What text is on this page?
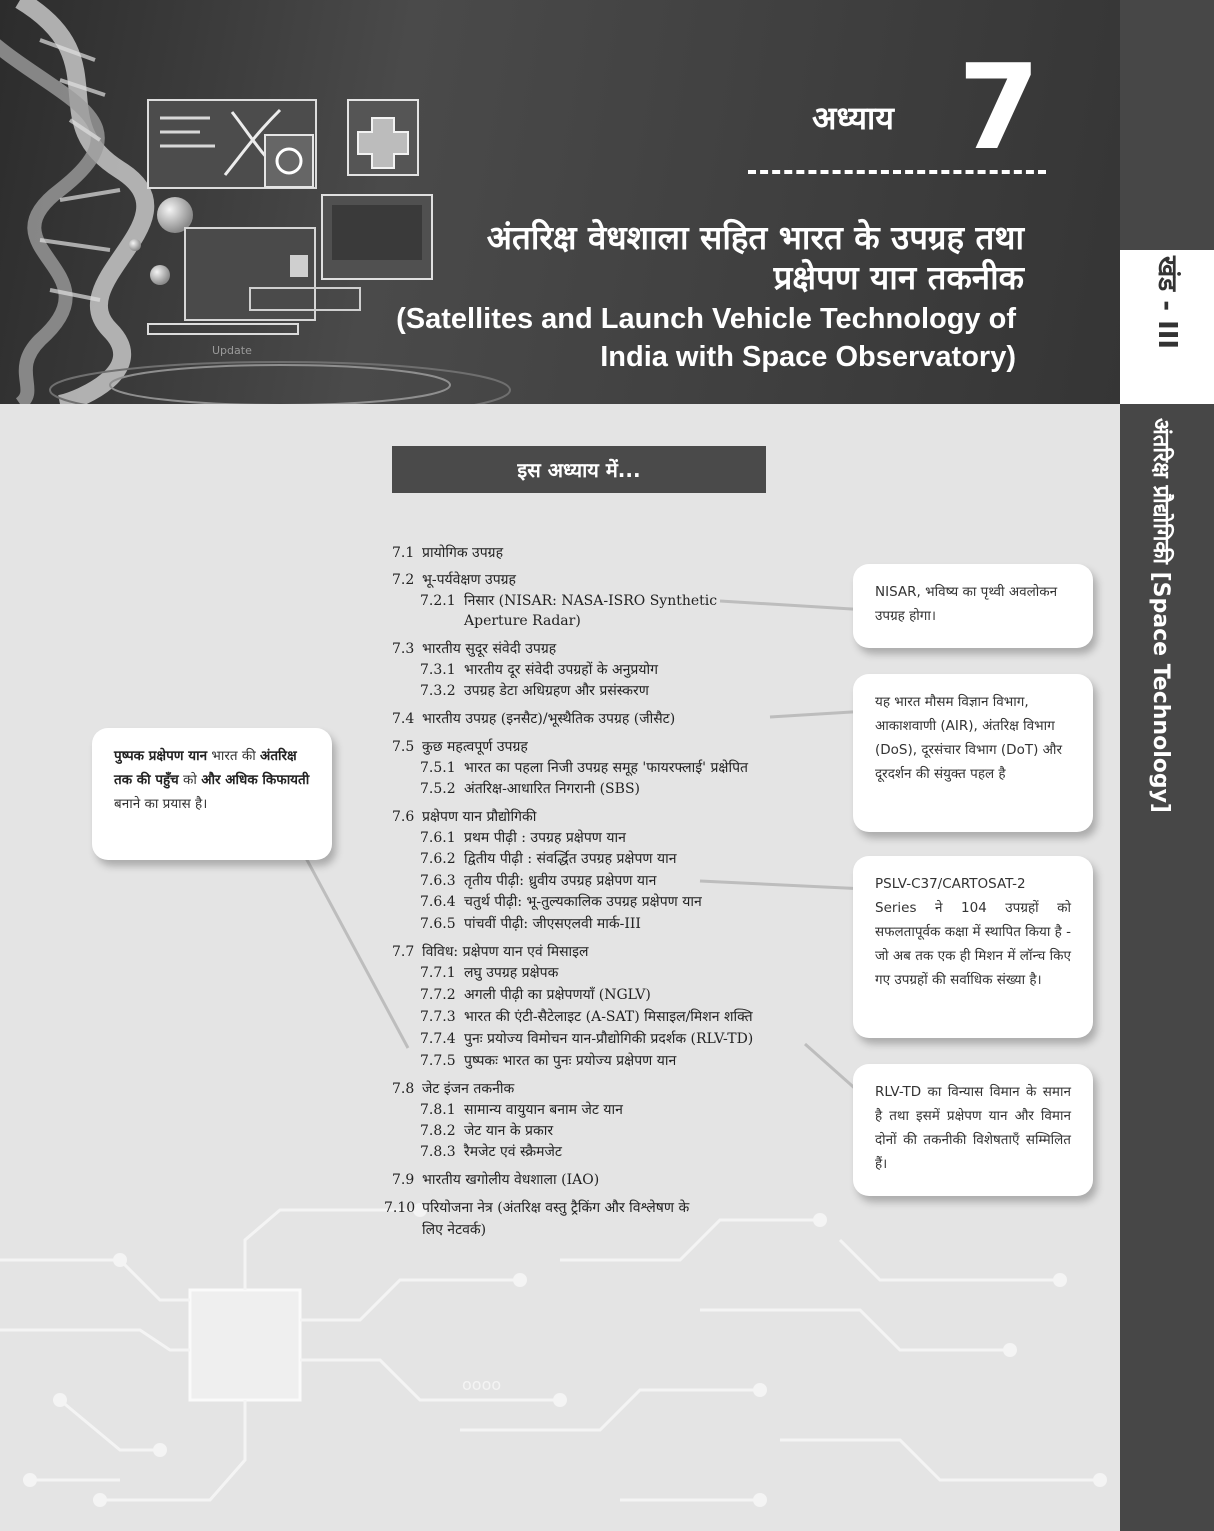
Update
अध्याय 7
अंतरिक्ष वेधशाला सहित भारत के उपग्रह तथा
प्रक्षेपण यान तकनीक
(Satellites and Launch Vehicle Technology of
India with Space Observatory)
खंड - III
अंतरिक्ष प्रौद्योगिकी [Space Technology]
oooo
इस अध्याय में...
7.1 प्रायोगिक उपग्रह
7.2 भू-पर्यवेक्षण उपग्रह
7.2.1 निसार (NISAR: NASA-ISRO Synthetic
Aperture Radar)
7.3 भारतीय सुदूर संवेदी उपग्रह
7.3.1 भारतीय दूर संवेदी उपग्रहों के अनुप्रयोग
7.3.2 उपग्रह डेटा अधिग्रहण और प्रसंस्करण
7.4 भारतीय उपग्रह (इनसैट)/भूस्थैतिक उपग्रह (जीसैट)
7.5 कुछ महत्वपूर्ण उपग्रह
7.5.1 भारत का पहला निजी उपग्रह समूह 'फायरफ्लाई' प्रक्षेपित
7.5.2 अंतरिक्ष-आधारित निगरानी (SBS)
7.6 प्रक्षेपण यान प्रौद्योगिकी
7.6.1 प्रथम पीढ़ी : उपग्रह प्रक्षेपण यान
7.6.2 द्वितीय पीढ़ी : संवर्द्धित उपग्रह प्रक्षेपण यान
7.6.3 तृतीय पीढ़ी: ध्रुवीय उपग्रह प्रक्षेपण यान
7.6.4 चतुर्थ पीढ़ी: भू-तुल्यकालिक उपग्रह प्रक्षेपण यान
7.6.5 पांचवीं पीढ़ी: जीएसएलवी मार्क-III
7.7 विविध: प्रक्षेपण यान एवं मिसाइल
7.7.1 लघु उपग्रह प्रक्षेपक
7.7.2 अगली पीढ़ी का प्रक्षेपणयाँ (NGLV)
7.7.3 भारत की एंटी-सैटेलाइट (A-SAT) मिसाइल/मिशन शक्ति
7.7.4 पुनः प्रयोज्य विमोचन यान-प्रौद्योगिकी प्रदर्शक (RLV-TD)
7.7.5 पुष्पकः भारत का पुनः प्रयोज्य प्रक्षेपण यान
7.8 जेट इंजन तकनीक
7.8.1 सामान्य वायुयान बनाम जेट यान
7.8.2 जेट यान के प्रकार
7.8.3 रैमजेट एवं स्क्रैमजेट
7.9 भारतीय खगोलीय वेधशाला (IAO)
7.10 परियोजना नेत्र (अंतरिक्ष वस्तु ट्रैकिंग और विश्लेषण के
लिए नेटवर्क)
पुष्पक प्रक्षेपण यान भारत की अंतरिक्ष तक की पहुँच को और अधिक किफायती बनाने का प्रयास है।
NISAR, भविष्य का पृथ्वी अवलोकन उपग्रह होगा।
यह भारत मौसम विज्ञान विभाग, आकाशवाणी (AIR), अंतरिक्ष विभाग (DoS), दूरसंचार विभाग (DoT) और दूरदर्शन की संयुक्त पहल है
PSLV-C37/CARTOSAT-2 Series ने 104 उपग्रहों को सफलतापूर्वक कक्षा में स्थापित किया है - जो अब तक एक ही मिशन में लॉन्च किए गए उपग्रहों की सर्वाधिक संख्या है।
RLV-TD का विन्यास विमान के समान है तथा इसमें प्रक्षेपण यान और विमान दोनों की तकनीकी विशेषताएँ सम्मिलित हैं।
